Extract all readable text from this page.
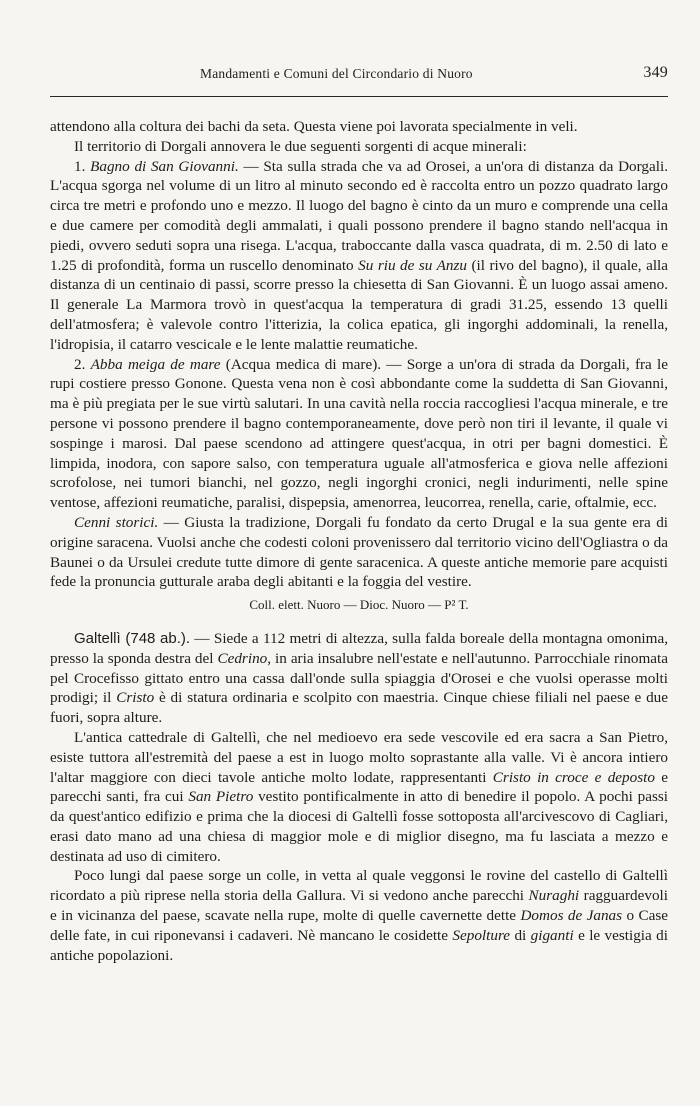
Mandamenti e Comuni del Circondario di Nuoro	349

attendono alla coltura dei bachi da seta. Questa viene poi lavorata specialmente in veli.

Il territorio di Dorgali annovera le due seguenti sorgenti di acque minerali:

1. Bagno di San Giovanni. — Sta sulla strada che va ad Orosei, a un'ora di distanza da Dorgali. L'acqua sgorga nel volume di un litro al minuto secondo ed è raccolta entro un pozzo quadrato largo circa tre metri e profondo uno e mezzo. Il luogo del bagno è cinto da un muro e comprende una cella e due camere per comodità degli ammalati, i quali possono prendere il bagno stando nell'acqua in piedi, ovvero seduti sopra una risega. L'acqua, traboccante dalla vasca quadrata, di m. 2.50 di lato e 1.25 di profondità, forma un ruscello denominato Su riu de su Anzu (il rivo del bagno), il quale, alla distanza di un centinaio di passi, scorre presso la chiesetta di San Giovanni. È un luogo assai ameno. Il generale La Marmora trovò in quest'acqua la temperatura di gradi 31.25, essendo 13 quelli dell'atmosfera; è valevole contro l'itterizia, la colica epatica, gli ingorghi addominali, la renella, l'idropisia, il catarro vescicale e le lente malattie reumatiche.

2. Abba meiga de mare (Acqua medica di mare). — Sorge a un'ora di strada da Dorgali, fra le rupi costiere presso Gonone. Questa vena non è così abbondante come la suddetta di San Giovanni, ma è più pregiata per le sue virtù salutari. In una cavità nella roccia raccogliesi l'acqua minerale, e tre persone vi possono prendere il bagno contemporaneamente, dove però non tiri il levante, il quale vi sospinge i marosi. Dal paese scendono ad attingere quest'acqua, in otri per bagni domestici. È limpida, inodora, con sapore salso, con temperatura uguale all'atmosferica e giova nelle affezioni scrofolose, nei tumori bianchi, nel gozzo, negli ingorghi cronici, negli indurimenti, nelle spine ventose, affezioni reumatiche, paralisi, dispepsia, amenorrea, leucorrea, renella, carie, oftalmie, ecc.

Cenni storici. — Giusta la tradizione, Dorgali fu fondato da certo Drugal e la sua gente era di origine saracena. Vuolsi anche che codesti coloni provenissero dal territorio vicino dell'Ogliastra o da Baunei o da Ursulei credute tutte dimore di gente saracenica. A queste antiche memorie pare acquisti fede la pronuncia gutturale araba degli abitanti e la foggia del vestire.

Coll. elett. Nuoro — Dioc. Nuoro — P² T.

Galtellì (748 ab.). — Siede a 112 metri di altezza, sulla falda boreale della montagna omonima, presso la sponda destra del Cedrino, in aria insalubre nell'estate e nell'autunno. Parrocchiale rinomata pel Crocefisso gittato entro una cassa dall'onde sulla spiaggia d'Orosei e che vuolsi operasse molti prodigi; il Cristo è di statura ordinaria e scolpito con maestria. Cinque chiese filiali nel paese e due fuori, sopra alture.

L'antica cattedrale di Galtellì, che nel medioevo era sede vescovile ed era sacra a San Pietro, esiste tuttora all'estremità del paese a est in luogo molto soprastante alla valle. Vi è ancora intiero l'altar maggiore con dieci tavole antiche molto lodate, rappresentanti Cristo in croce e deposto e parecchi santi, fra cui San Pietro vestito pontificalmente in atto di benedire il popolo. A pochi passi da quest'antico edifizio e prima che la diocesi di Galtellì fosse sottoposta all'arcivescovo di Cagliari, erasi dato mano ad una chiesa di maggior mole e di miglior disegno, ma fu lasciata a mezzo e destinata ad uso di cimitero.

Poco lungi dal paese sorge un colle, in vetta al quale veggonsi le rovine del castello di Galtellì ricordato a più riprese nella storia della Gallura. Vi si vedono anche parecchi Nuraghi ragguardevoli e in vicinanza del paese, scavate nella rupe, molte di quelle cavernette dette Domos de Janas o Case delle fate, in cui riponevansi i cadaveri. Nè mancano le cosidette Sepolture di giganti e le vestigia di antiche popolazioni.
